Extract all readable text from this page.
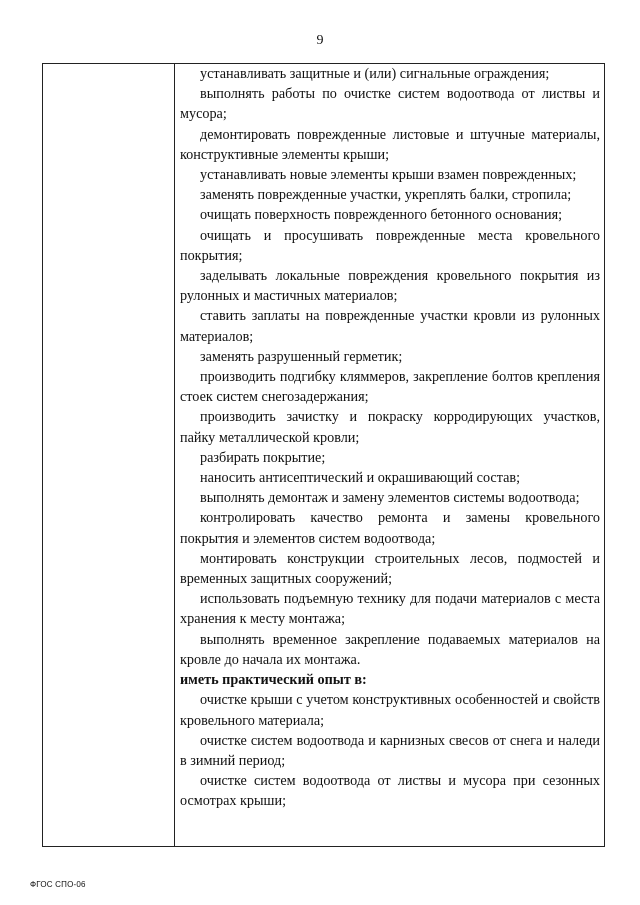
9

устанавливать защитные и (или) сигнальные ограждения;

выполнять работы по очистке систем водоотвода от листвы и мусора;

демонтировать поврежденные листовые и штучные материалы, конструктивные элементы крыши;

устанавливать новые элементы крыши взамен поврежденных;

заменять поврежденные участки, укреплять балки, стропила;

очищать поверхность поврежденного бетонного основания;

очищать и просушивать поврежденные места кровельного покрытия;

заделывать локальные повреждения кровельного покрытия из рулонных и мастичных материалов;

ставить заплаты на поврежденные участки кровли из рулонных материалов;

заменять разрушенный герметик;

производить подгибку кляммеров, закрепление болтов крепления стоек систем снегозадержания;

производить зачистку и покраску корродирующих участков, пайку металлической кровли;

разбирать покрытие;

наносить антисептический и окрашивающий состав;

выполнять демонтаж и замену элементов системы водоотвода;

контролировать качество ремонта и замены кровельного покрытия и элементов систем водоотвода;

монтировать конструкции строительных лесов, подмостей и временных защитных сооружений;

использовать подъемную технику для подачи материалов с места хранения к месту монтажа;

выполнять временное закрепление подаваемых материалов на кровле до начала их монтажа.

иметь практический опыт в:

очистке крыши с учетом конструктивных особенностей и свойств кровельного материала;

очистке систем водоотвода и карнизных свесов от снега и наледи в зимний период;

очистке систем водоотвода от листвы и мусора при сезонных осмотрах крыши;

ФГОС СПО-06
